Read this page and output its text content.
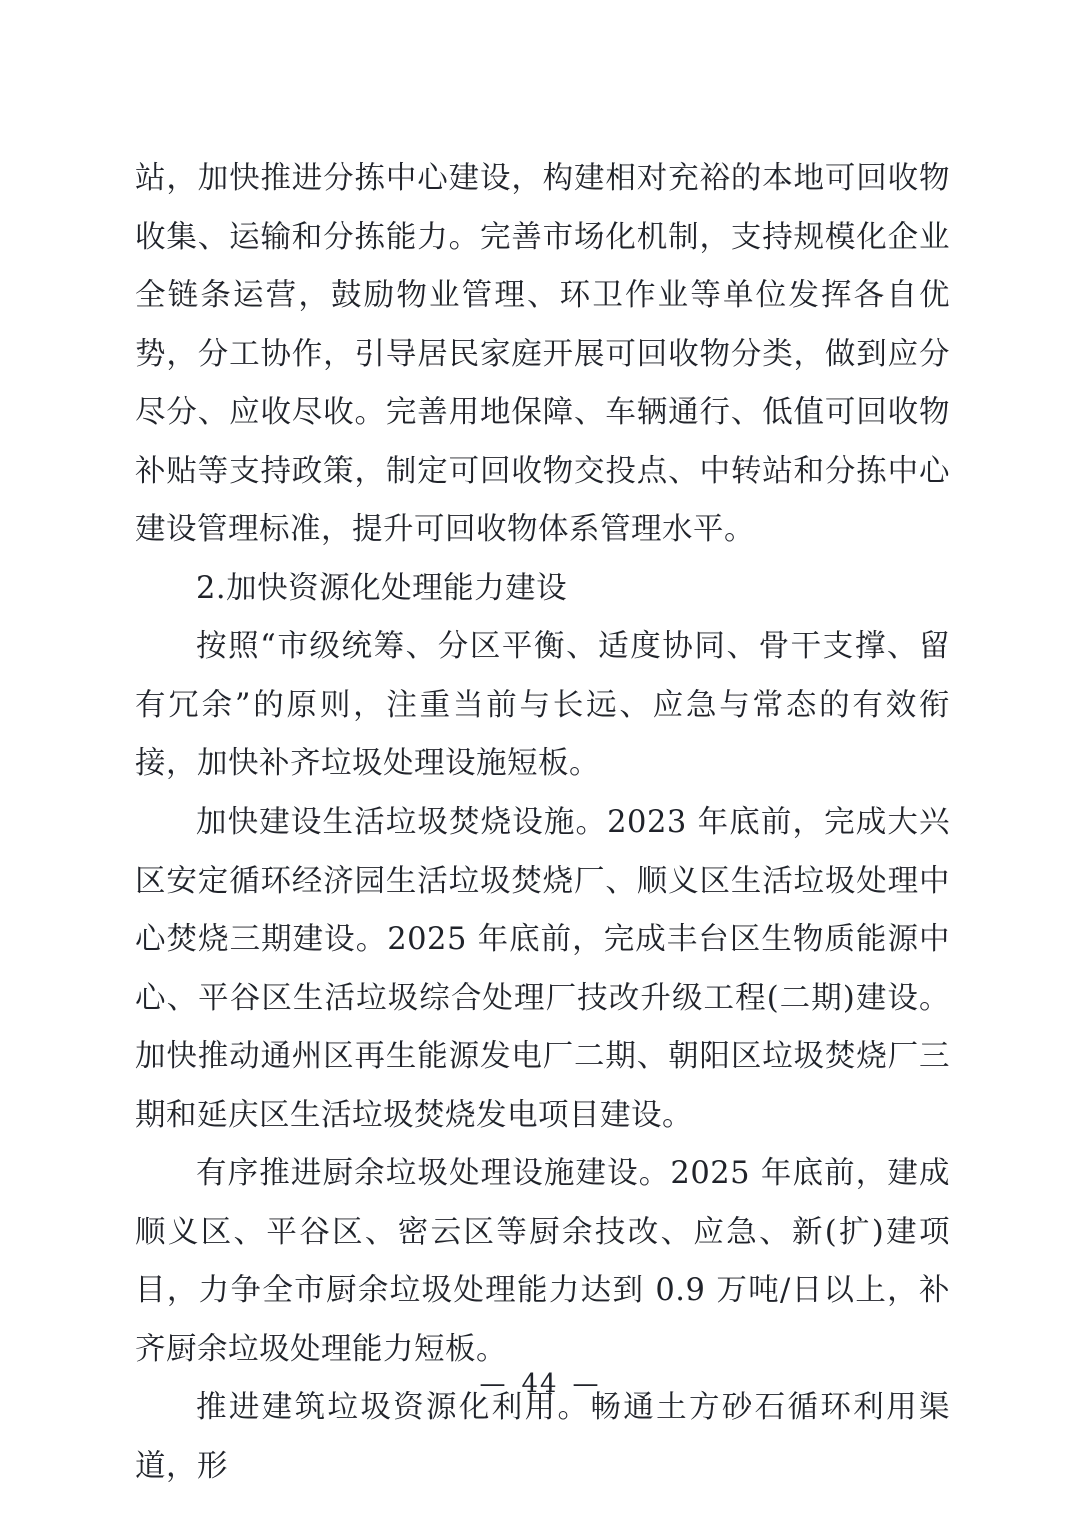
站，加快推进分拣中心建设，构建相对充裕的本地可回收物收集、运输和分拣能力。完善市场化机制，支持规模化企业全链条运营，鼓励物业管理、环卫作业等单位发挥各自优势，分工协作，引导居民家庭开展可回收物分类，做到应分尽分、应收尽收。完善用地保障、车辆通行、低值可回收物补贴等支持政策，制定可回收物交投点、中转站和分拣中心建设管理标准，提升可回收物体系管理水平。

2.加快资源化处理能力建设

按照“市级统筹、分区平衡、适度协同、骨干支撑、留有冗余”的原则，注重当前与长远、应急与常态的有效衔接，加快补齐垃圾处理设施短板。

加快建设生活垃圾焚烧设施。2023 年底前，完成大兴区安定循环经济园生活垃圾焚烧厂、顺义区生活垃圾处理中心焚烧三期建设。2025 年底前，完成丰台区生物质能源中心、平谷区生活垃圾综合处理厂技改升级工程(二期)建设。加快推动通州区再生能源发电厂二期、朝阳区垃圾焚烧厂三期和延庆区生活垃圾焚烧发电项目建设。

有序推进厨余垃圾处理设施建设。2025 年底前，建成顺义区、平谷区、密云区等厨余技改、应急、新(扩)建项目，力争全市厨余垃圾处理能力达到 0.9 万吨/日以上，补齐厨余垃圾处理能力短板。

推进建筑垃圾资源化利用。畅通土方砂石循环利用渠道，形

— 44 —
